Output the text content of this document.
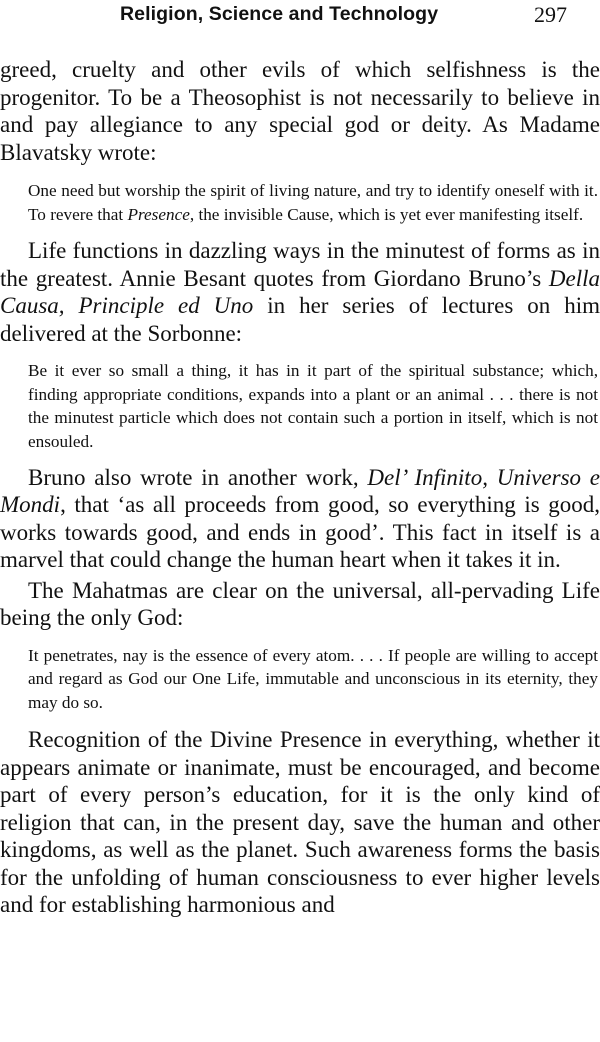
Religion, Science and Technology	297

greed, cruelty and other evils of which selfishness is the progenitor. To be a Theosophist is not necessarily to believe in and pay allegiance to any special god or deity. As Madame Blavatsky wrote:

One need but worship the spirit of living nature, and try to identify oneself with it. To revere that Presence, the invisible Cause, which is yet ever manifesting itself.

Life functions in dazzling ways in the minutest of forms as in the greatest. Annie Besant quotes from Giordano Bruno’s Della Causa, Principle ed Uno in her series of lectures on him delivered at the Sorbonne:

Be it ever so small a thing, it has in it part of the spiritual substance; which, finding appropriate conditions, expands into a plant or an animal . . . there is not the minutest particle which does not contain such a portion in itself, which is not ensouled.

Bruno also wrote in another work, Del’ Infinito, Universo e Mondi, that ‘as all proceeds from good, so everything is good, works towards good, and ends in good’. This fact in itself is a marvel that could change the human heart when it takes it in.

The Mahatmas are clear on the universal, all-pervading Life being the only God:

It penetrates, nay is the essence of every atom. . . . If people are willing to accept and regard as God our One Life, immutable and unconscious in its eternity, they may do so.

Recognition of the Divine Presence in everything, whether it appears animate or inanimate, must be encouraged, and become part of every person’s education, for it is the only kind of religion that can, in the present day, save the human and other kingdoms, as well as the planet. Such awareness forms the basis for the unfolding of human consciousness to ever higher levels and for establishing harmonious and
